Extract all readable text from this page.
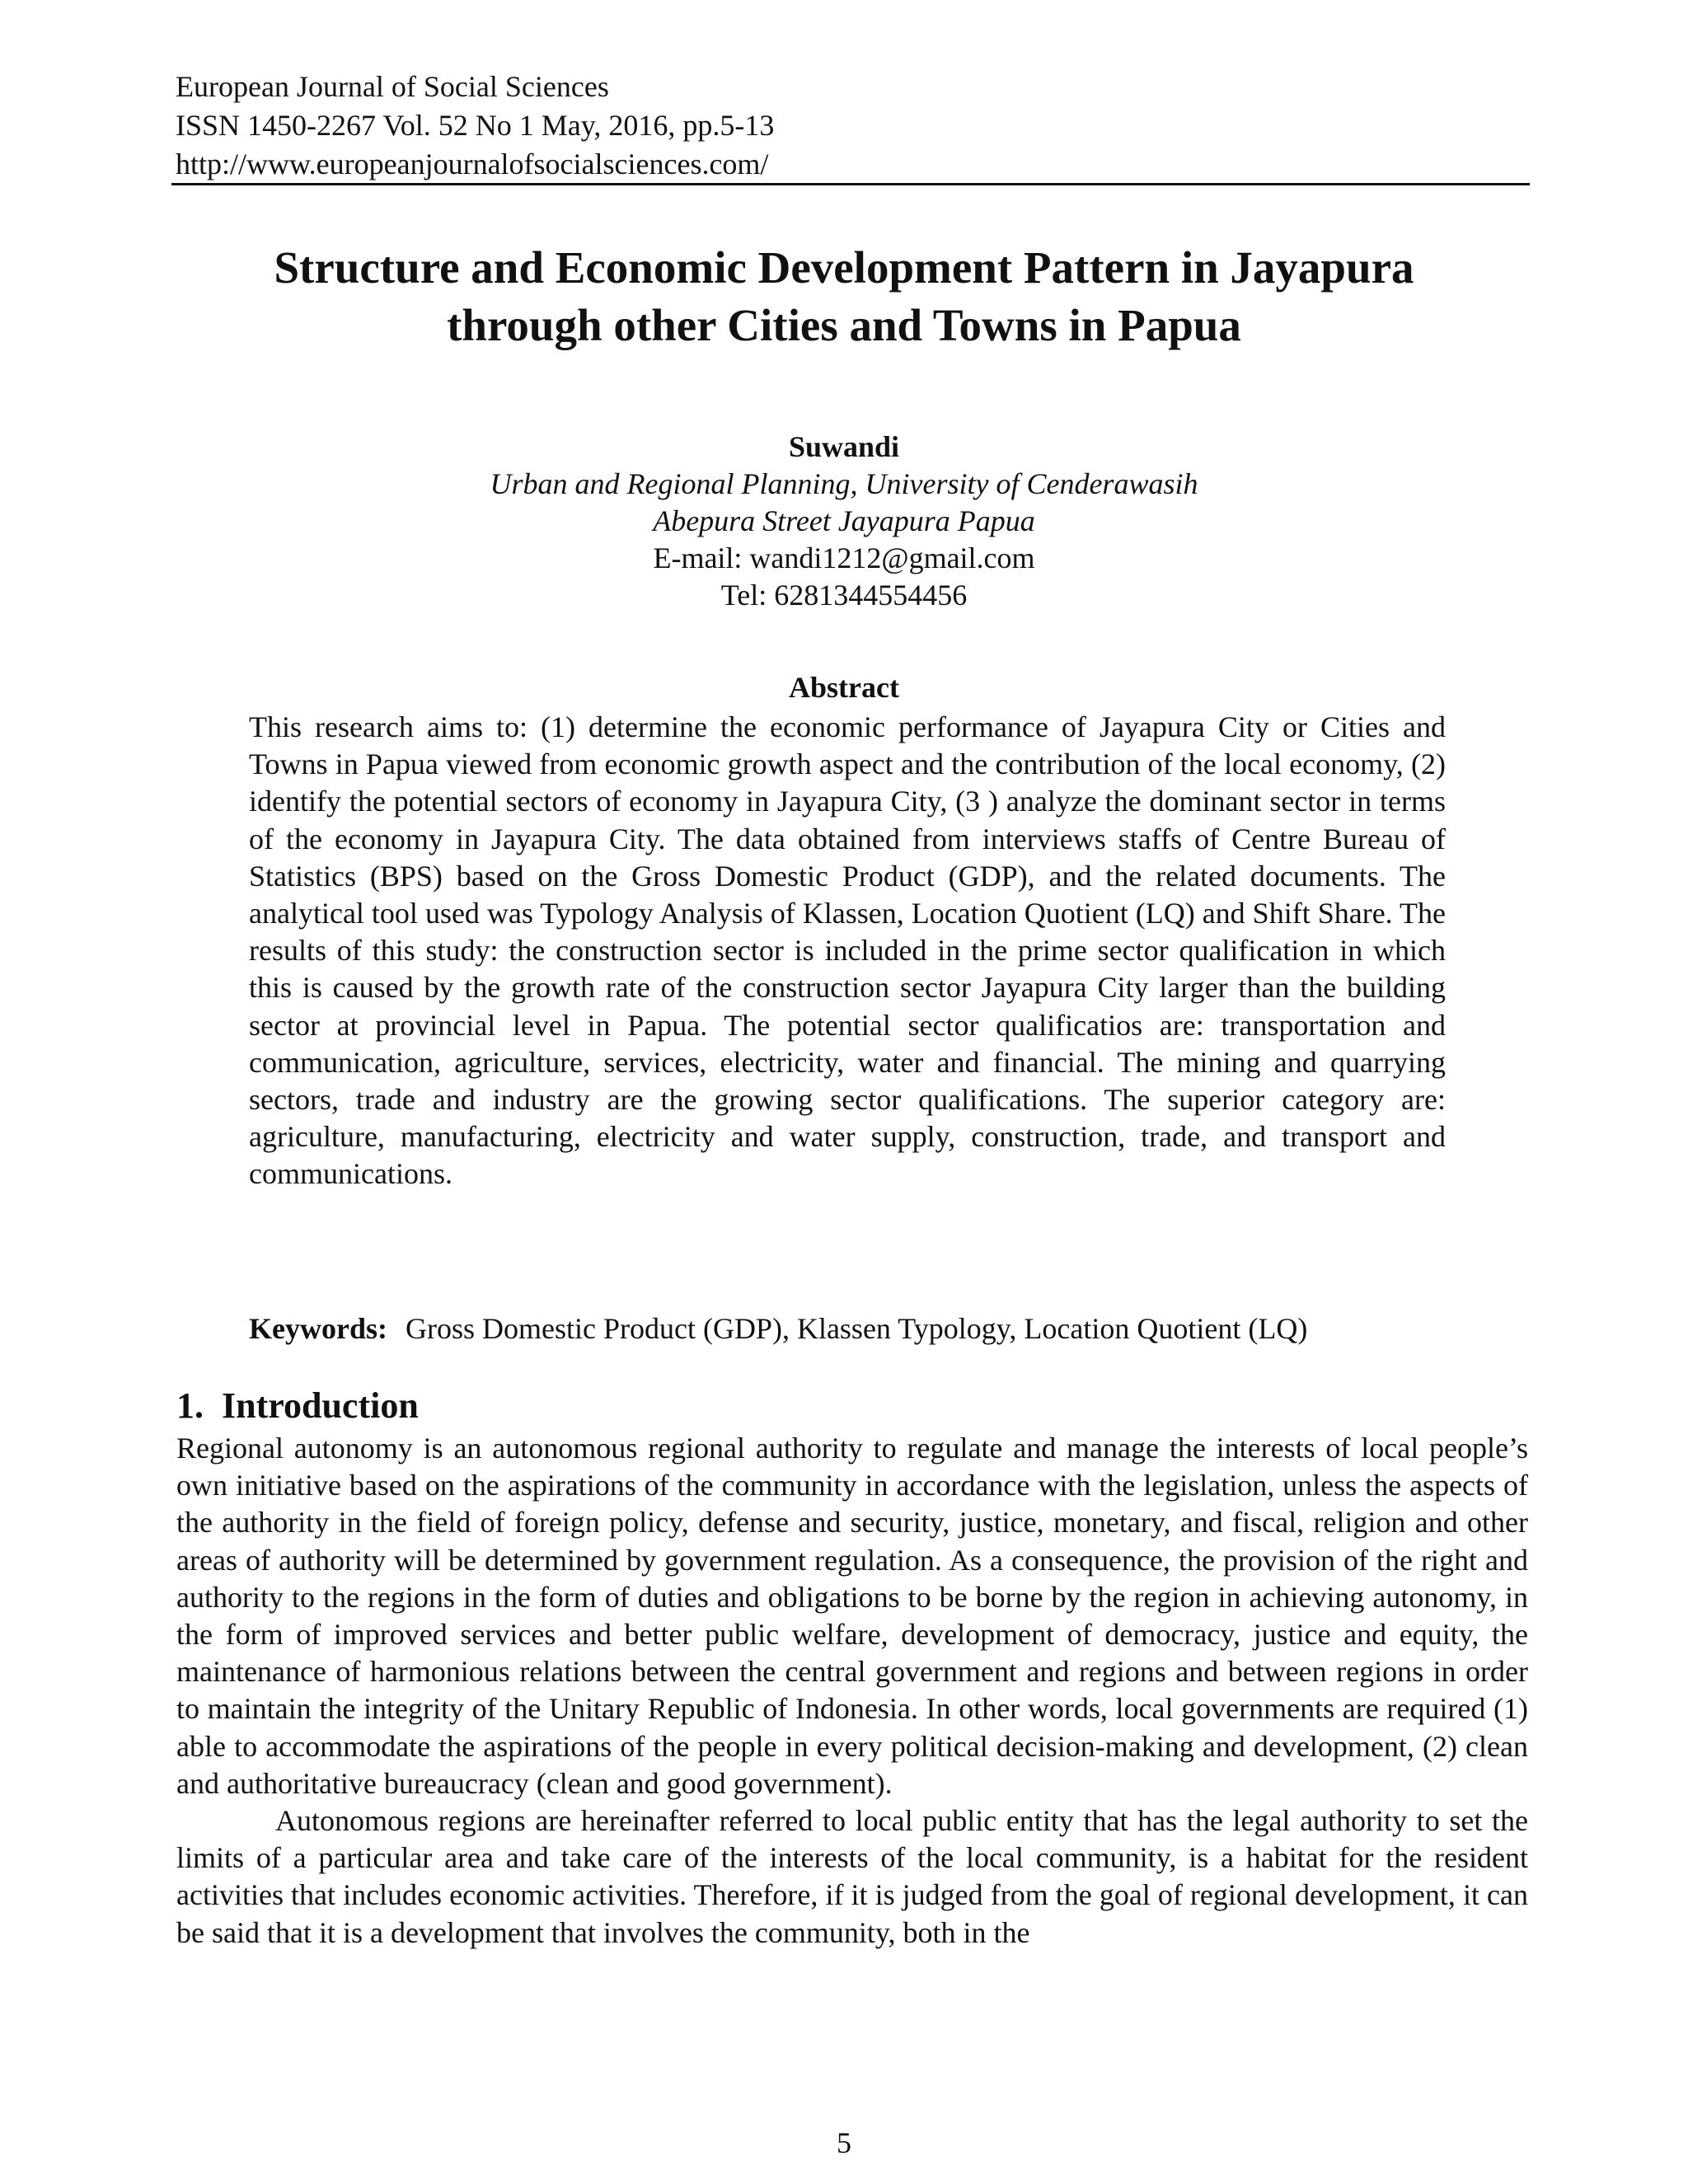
European Journal of Social Sciences
ISSN 1450-2267 Vol. 52 No 1 May, 2016, pp.5-13
http://www.europeanjournalofsocialsciences.com/
Structure and Economic Development Pattern in Jayapura
through other Cities and Towns in Papua
Suwandi
Urban and Regional Planning, University of Cenderawasih
Abepura Street Jayapura Papua
E-mail: wandi1212@gmail.com
Tel: 6281344554456
Abstract

This research aims to: (1) determine the economic performance of Jayapura City or Cities and Towns in Papua viewed from economic growth aspect and the contribution of the local economy, (2) identify the potential sectors of economy in Jayapura City, (3 ) analyze the dominant sector in terms of the economy in Jayapura City. The data obtained from interviews staffs of Centre Bureau of Statistics (BPS) based on the Gross Domestic Product (GDP), and the related documents. The analytical tool used was Typology Analysis of Klassen, Location Quotient (LQ) and Shift Share. The results of this study: the construction sector is included in the prime sector qualification in which this is caused by the growth rate of the construction sector Jayapura City larger than the building sector at provincial level in Papua. The potential sector qualificatios are: transportation and communication, agriculture, services, electricity, water and financial. The mining and quarrying sectors, trade and industry are the growing sector qualifications. The superior category are: agriculture, manufacturing, electricity and water supply, construction, trade, and transport and communications.

Keywords: Gross Domestic Product (GDP), Klassen Typology, Location Quotient (LQ)
1. Introduction

Regional autonomy is an autonomous regional authority to regulate and manage the interests of local people’s own initiative based on the aspirations of the community in accordance with the legislation, unless the aspects of the authority in the field of foreign policy, defense and security, justice, monetary, and fiscal, religion and other areas of authority will be determined by government regulation. As a consequence, the provision of the right and authority to the regions in the form of duties and obligations to be borne by the region in achieving autonomy, in the form of improved services and better public welfare, development of democracy, justice and equity, the maintenance of harmonious relations between the central government and regions and between regions in order to maintain the integrity of the Unitary Republic of Indonesia. In other words, local governments are required (1) able to accommodate the aspirations of the people in every political decision-making and development, (2) clean and authoritative bureaucracy (clean and good government).

Autonomous regions are hereinafter referred to local public entity that has the legal authority to set the limits of a particular area and take care of the interests of the local community, is a habitat for the resident activities that includes economic activities. Therefore, if it is judged from the goal of regional development, it can be said that it is a development that involves the community, both in the

5
